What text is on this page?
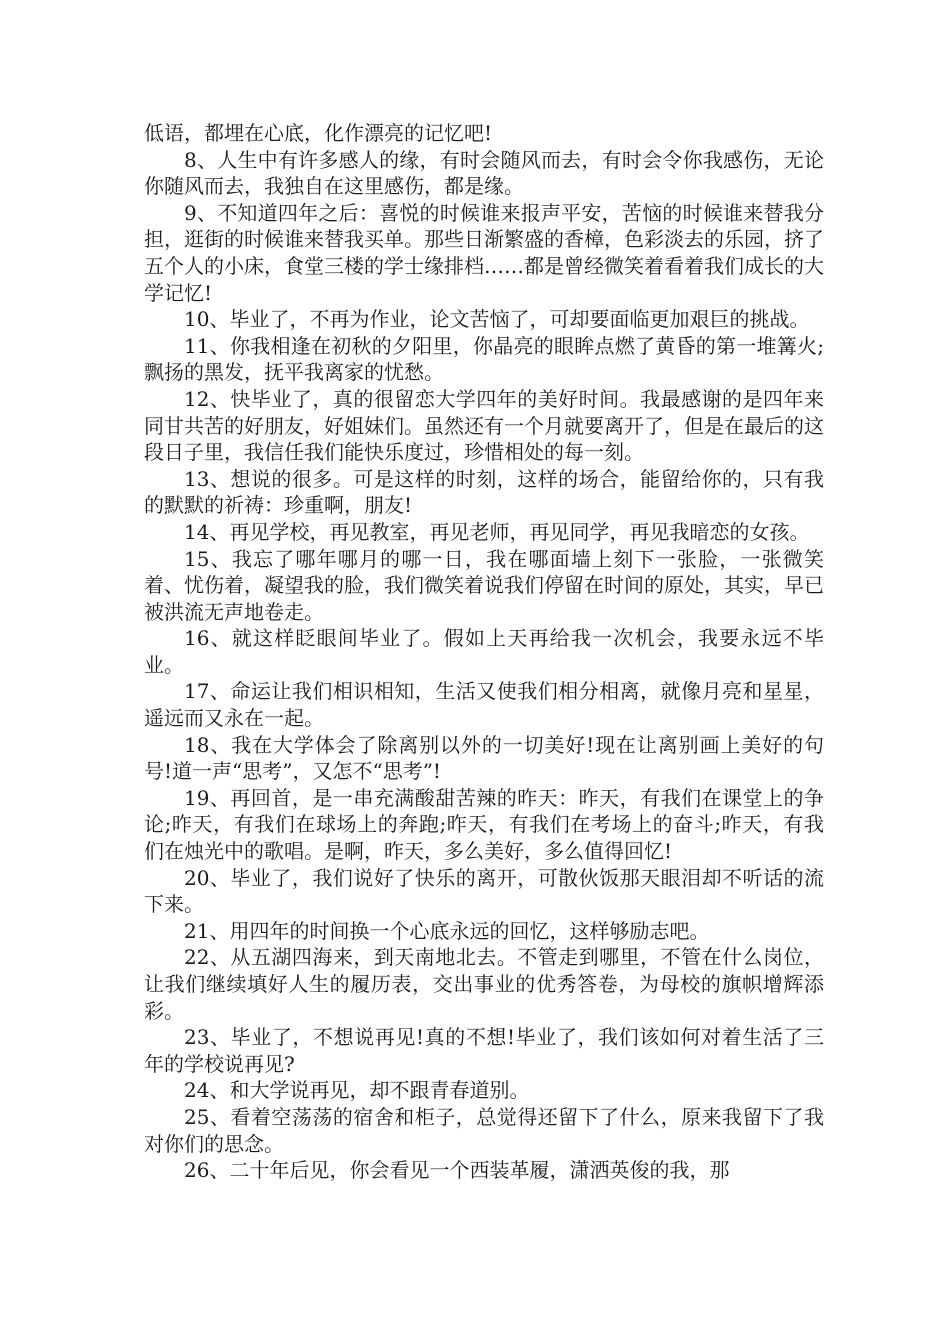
低语，都埋在心底，化作漂亮的记忆吧!

8、人生中有许多感人的缘，有时会随风而去，有时会令你我感伤，无论你随风而去，我独自在这里感伤，都是缘。

9、不知道四年之后：喜悦的时候谁来报声平安，苦恼的时候谁来替我分担，逛街的时候谁来替我买单。那些日渐繁盛的香樟，色彩淡去的乐园，挤了五个人的小床，食堂三楼的学士缘排档……都是曾经微笑着看着我们成长的大学记忆!

10、毕业了，不再为作业，论文苦恼了，可却要面临更加艰巨的挑战。

11、你我相逢在初秋的夕阳里，你晶亮的眼眸点燃了黄昏的第一堆篝火;飘扬的黑发，抚平我离家的忧愁。

12、快毕业了，真的很留恋大学四年的美好时间。我最感谢的是四年来同甘共苦的好朋友，好姐妹们。虽然还有一个月就要离开了，但是在最后的这段日子里，我信任我们能快乐度过，珍惜相处的每一刻。

13、想说的很多。可是这样的时刻，这样的场合，能留给你的，只有我的默默的祈祷：珍重啊，朋友!

14、再见学校，再见教室，再见老师，再见同学，再见我暗恋的女孩。

15、我忘了哪年哪月的哪一日，我在哪面墙上刻下一张脸，一张微笑着、忧伤着，凝望我的脸，我们微笑着说我们停留在时间的原处，其实，早已被洪流无声地卷走。

16、就这样眨眼间毕业了。假如上天再给我一次机会，我要永远不毕业。

17、命运让我们相识相知，生活又使我们相分相离，就像月亮和星星，遥远而又永在一起。

18、我在大学体会了除离别以外的一切美好!现在让离别画上美好的句号!道一声“思考”，又怎不“思考”!

19、再回首，是一串充满酸甜苦辣的昨天：昨天，有我们在课堂上的争论;昨天，有我们在球场上的奔跑;昨天，有我们在考场上的奋斗;昨天，有我们在烛光中的歌唱。是啊，昨天，多么美好，多么值得回忆!

20、毕业了，我们说好了快乐的离开，可散伙饭那天眼泪却不听话的流下来。

21、用四年的时间换一个心底永远的回忆，这样够励志吧。

22、从五湖四海来，到天南地北去。不管走到哪里，不管在什么岗位，让我们继续填好人生的履历表，交出事业的优秀答卷，为母校的旗帜增辉添彩。

23、毕业了，不想说再见!真的不想!毕业了，我们该如何对着生活了三年的学校说再见?

24、和大学说再见，却不跟青春道别。

25、看着空荡荡的宿舍和柜子，总觉得还留下了什么，原来我留下了我对你们的思念。

26、二十年后见，你会看见一个西装革履，潇洒英俊的我，那
